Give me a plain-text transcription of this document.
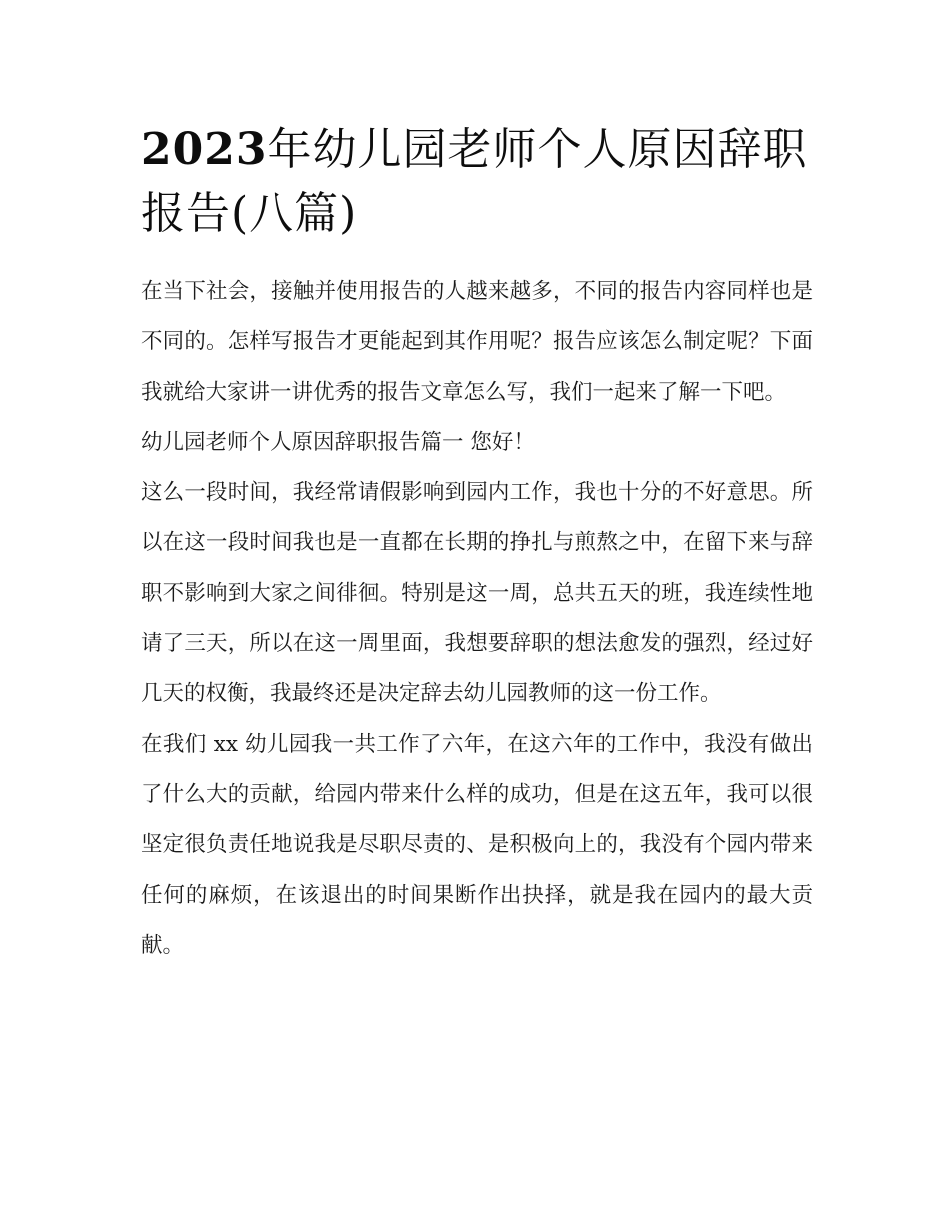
2023年幼儿园老师个人原因辞职报告(八篇)

在当下社会，接触并使用报告的人越来越多，不同的报告内容同样也是不同的。怎样写报告才更能起到其作用呢？报告应该怎么制定呢？下面我就给大家讲一讲优秀的报告文章怎么写，我们一起来了解一下吧。

幼儿园老师个人原因辞职报告篇一 您好！

这么一段时间，我经常请假影响到园内工作，我也十分的不好意思。所以在这一段时间我也是一直都在长期的挣扎与煎熬之中，在留下来与辞职不影响到大家之间徘徊。特别是这一周，总共五天的班，我连续性地请了三天，所以在这一周里面，我想要辞职的想法愈发的强烈，经过好几天的权衡，我最终还是决定辞去幼儿园教师的这一份工作。

在我们 xx 幼儿园我一共工作了六年，在这六年的工作中，我没有做出了什么大的贡献，给园内带来什么样的成功，但是在这五年，我可以很坚定很负责任地说我是尽职尽责的、是积极向上的，我没有个园内带来任何的麻烦，在该退出的时间果断作出抉择，就是我在园内的最大贡献。
